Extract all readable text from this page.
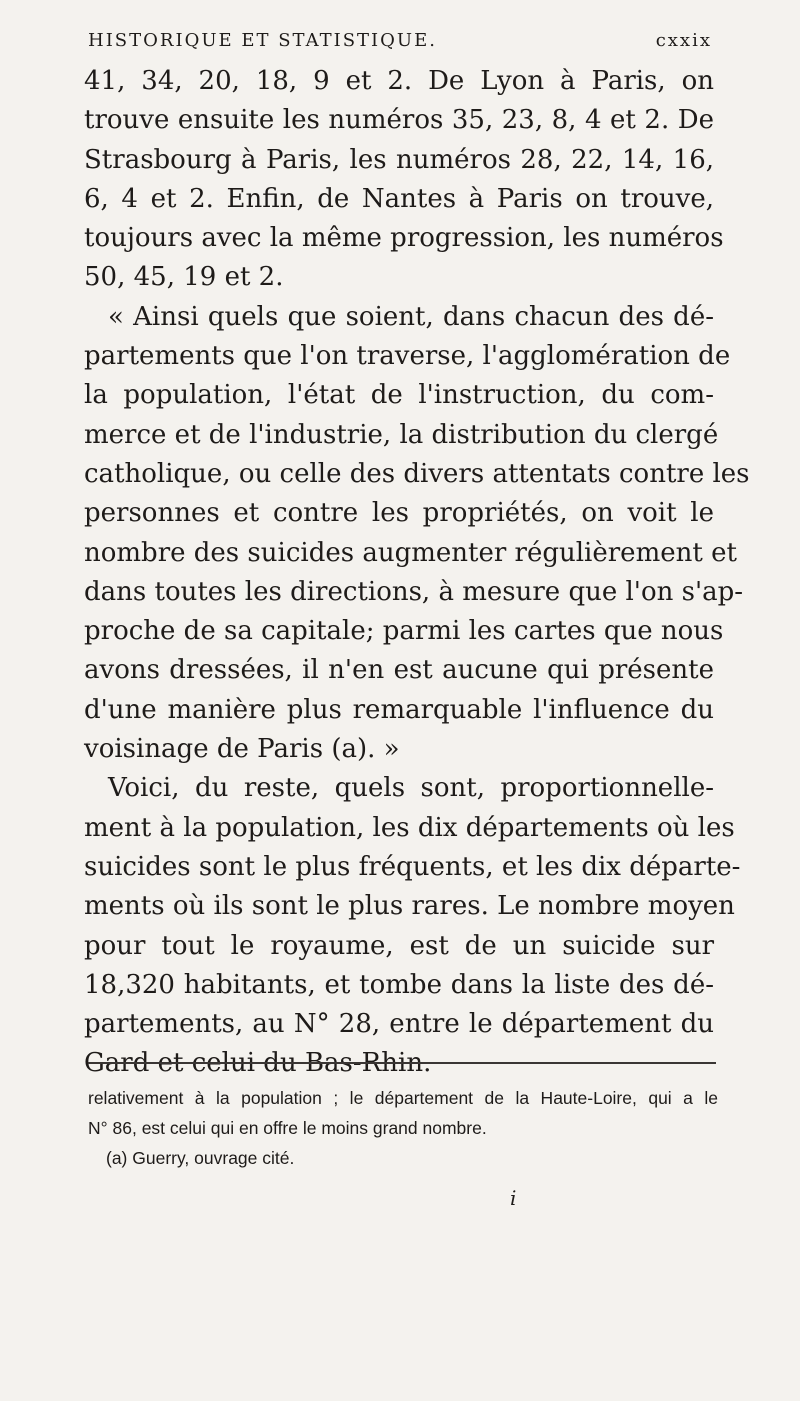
HISTORIQUE ET STATISTIQUE.	cxxix
41, 34, 20, 18, 9 et 2. De Lyon à Paris, on
trouve ensuite les numéros 35, 23, 8, 4 et 2. De
Strasbourg à Paris, les numéros 28, 22, 14, 16,
6, 4 et 2. Enfin, de Nantes à Paris on trouve,
toujours avec la même progression, les numéros
50, 45, 19 et 2.
« Ainsi quels que soient, dans chacun des dé-
partements que l'on traverse, l'agglomération de
la population, l'état de l'instruction, du com-
merce et de l'industrie, la distribution du clergé
catholique, ou celle des divers attentats contre les
personnes et contre les propriétés, on voit le
nombre des suicides augmenter régulièrement et
dans toutes les directions, à mesure que l'on s'ap-
proche de sa capitale; parmi les cartes que nous
avons dressées, il n'en est aucune qui présente
d'une manière plus remarquable l'influence du
voisinage de Paris (a). »
Voici, du reste, quels sont, proportionnelle-
ment à la population, les dix départements où les
suicides sont le plus fréquents, et les dix départe-
ments où ils sont le plus rares. Le nombre moyen
pour tout le royaume, est de un suicide sur
18,320 habitants, et tombe dans la liste des dé-
partements, au N° 28, entre le département du
Gard et celui du Bas-Rhin.
relativement à la population ; le département de la Haute-Loire, qui a le
N° 86, est celui qui en offre le moins grand nombre.
(a) Guerry, ouvrage cité.
i
